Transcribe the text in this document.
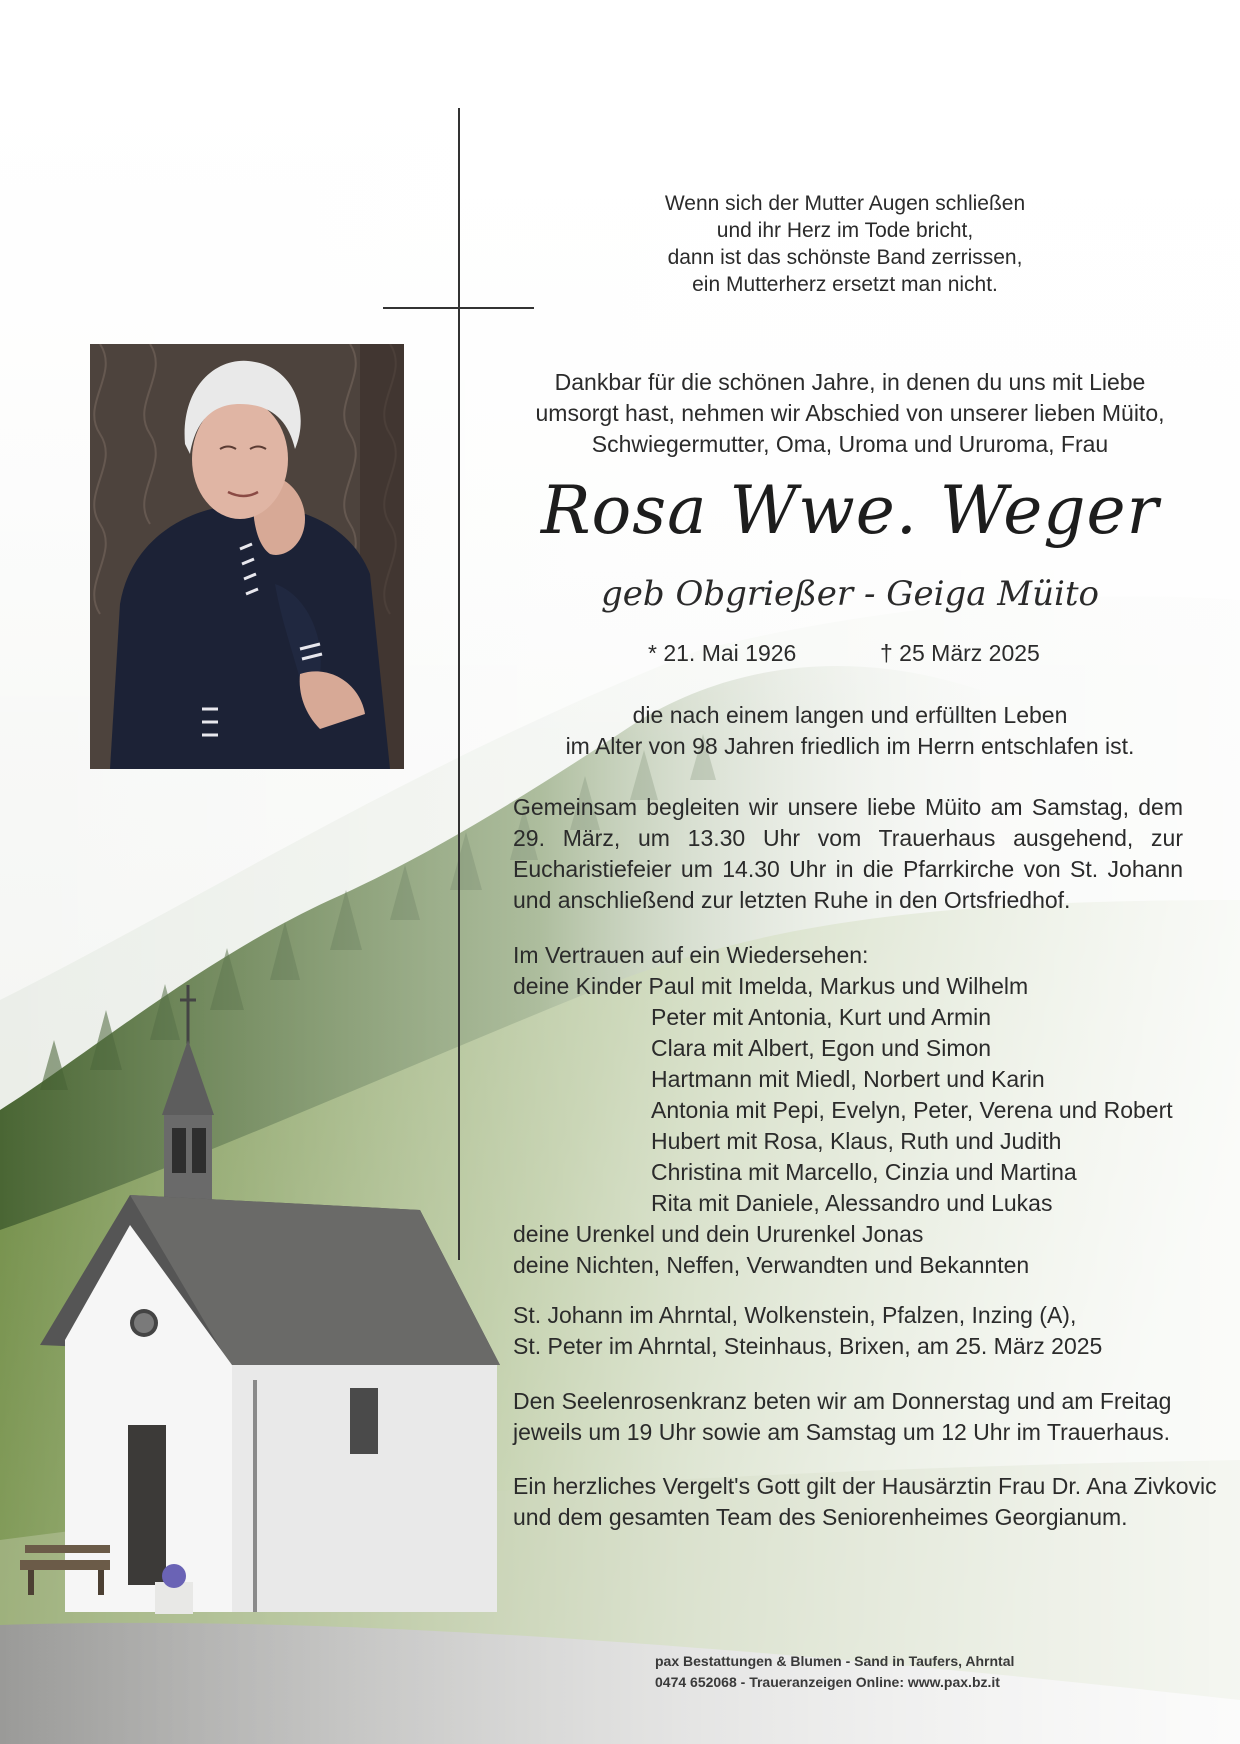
Wenn sich der Mutter Augen schließen
und ihr Herz im Tode bricht,
dann ist das schönste Band zerrissen,
ein Mutterherz ersetzt man nicht.
Dankbar für die schönen Jahre, in denen du uns mit Liebe
umsorgt hast, nehmen wir Abschied von unserer lieben Müito,
Schwiegermutter, Oma, Uroma und Ururoma, Frau
Rosa Wwe. Weger
geb Obgrießer - Geiga Müito
* 21. Mai 1926	† 25 März 2025
die nach einem langen und erfüllten Leben
im Alter von 98 Jahren friedlich im Herrn entschlafen ist.
Gemeinsam begleiten wir unsere liebe Müito am Samstag, dem
29. März, um 13.30 Uhr vom Trauerhaus ausgehend, zur
Eucharistiefeier um 14.30 Uhr in die Pfarrkirche von St. Johann
und anschließend zur letzten Ruhe in den Ortsfriedhof.
Im Vertrauen auf ein Wiedersehen:
deine Kinder Paul mit Imelda, Markus und Wilhelm
Peter mit Antonia, Kurt und Armin
Clara mit Albert, Egon und Simon
Hartmann mit Miedl, Norbert und Karin
Antonia mit Pepi, Evelyn, Peter, Verena und Robert
Hubert mit Rosa, Klaus, Ruth und Judith
Christina mit Marcello, Cinzia und Martina
Rita mit Daniele, Alessandro und Lukas
deine Urenkel und dein Ururenkel Jonas
deine Nichten, Neffen, Verwandten und Bekannten
St. Johann im Ahrntal, Wolkenstein, Pfalzen, Inzing (A),
St. Peter im Ahrntal, Steinhaus, Brixen, am 25. März 2025
Den Seelenrosenkranz beten wir am Donnerstag und am Freitag
jeweils um 19 Uhr sowie am Samstag um 12 Uhr im Trauerhaus.
Ein herzliches Vergelt's Gott gilt der Hausärztin Frau Dr. Ana Zivkovic
und dem gesamten Team des Seniorenheimes Georgianum.
pax Bestattungen & Blumen - Sand in Taufers, Ahrntal
0474 652068 - Traueranzeigen Online: www.pax.bz.it
